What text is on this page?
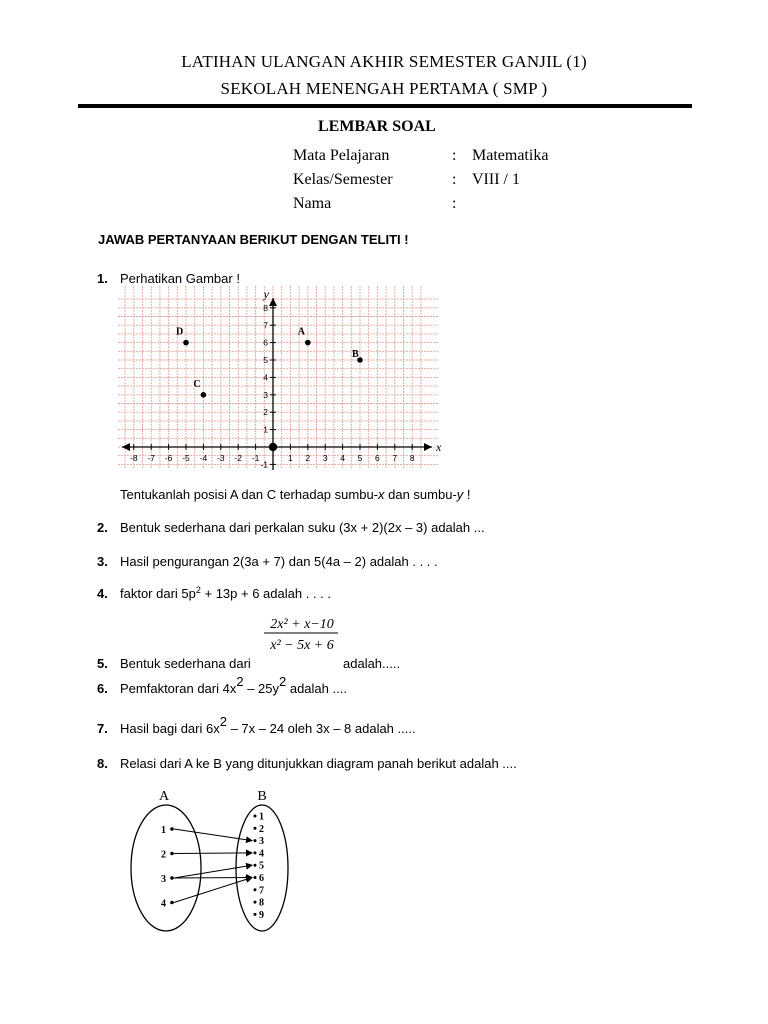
LATIHAN ULANGAN AKHIR SEMESTER GANJIL (1)
SEKOLAH MENENGAH PERTAMA ( SMP )
LEMBAR SOAL
Mata Pelajaran	: Matematika
Kelas/Semester	: VIII / 1
Nama	:
JAWAB PERTANYAAN BERIKUT DENGAN TELITI !
1. Perhatikan Gambar !
x
y
-8 -7 -6 -5 -4 -3 -2 -1	1 2 3 4 5 6 7 8
8
7
6
5
4
3
2
1
-1
D	A
B
C
Tentukanlah posisi A dan C terhadap sumbu-x dan sumbu-y !
2. Bentuk sederhana dari perkalan suku (3x + 2)(2x – 3) adalah ...
3. Hasil pengurangan 2(3a + 7) dan 5(4a – 2) adalah . . . .
4. faktor dari $5p^2 + 13p + 6$ adalah . . . .
2x² + x−10
x² − 5x + 6
5. Bentuk sederhana dari	adalah.....
6. Pemfaktoran dari $4x^2 - 25y^2$ adalah ....
7. Hasil bagi dari $6x^2 - 7x - 24$ oleh 3x – 8 adalah .....
8. Relasi dari A ke B yang ditunjukkan diagram panah berikut adalah ....
A	B
1
2
3
4
1
2
3
4
5
6
7
8
9
